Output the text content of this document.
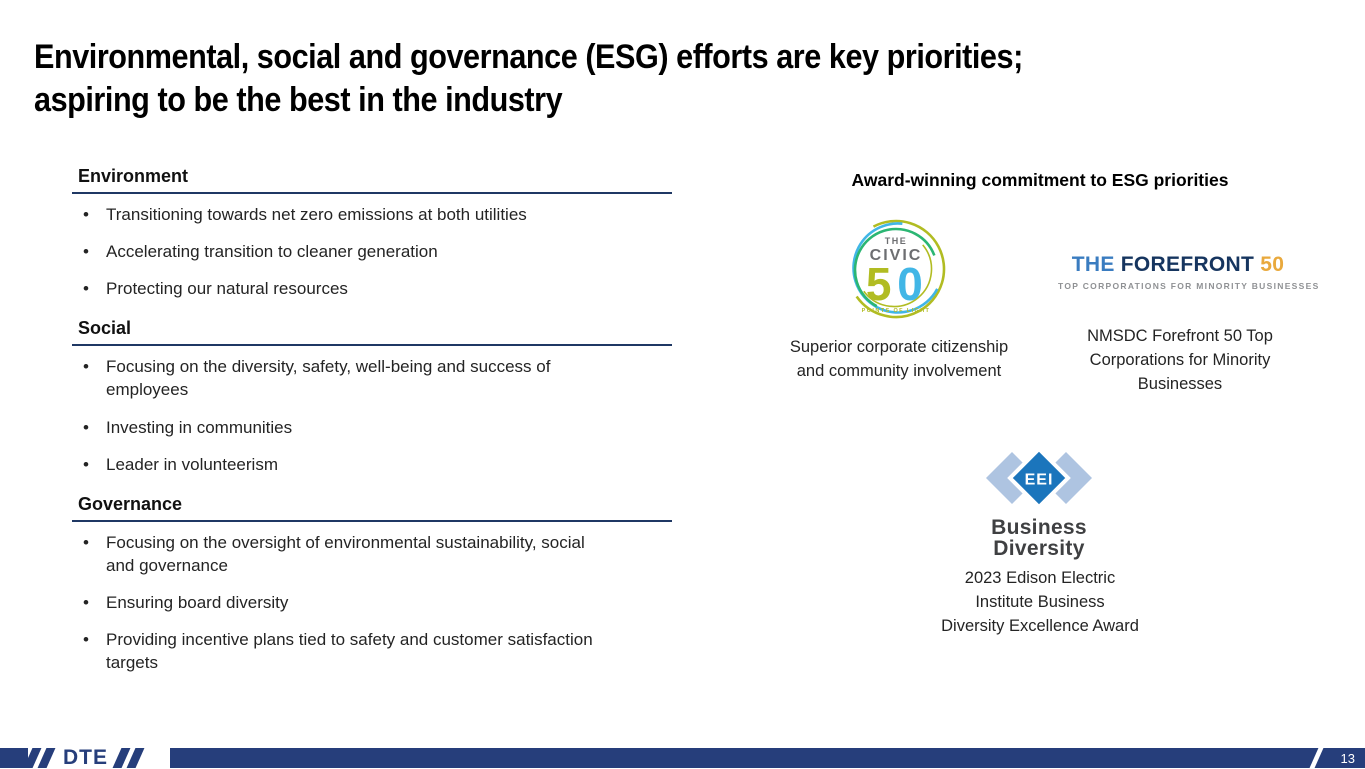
Environmental, social and governance (ESG) efforts are key priorities;
aspiring to be the best in the industry
Environment
• Transitioning towards net zero emissions at both utilities
• Accelerating transition to cleaner generation
• Protecting our natural resources
Social
• Focusing on the diversity, safety, well-being and success of employees
• Investing in communities
• Leader in volunteerism
Governance
• Focusing on the oversight of environmental sustainability, social and governance
• Ensuring board diversity
• Providing incentive plans tied to safety and customer satisfaction targets
Award-winning commitment to ESG priorities
THE
CIVIC
5 0
POINTS OF LIGHT
THE FOREFRONT 50
TOP CORPORATIONS FOR MINORITY BUSINESSES
Superior corporate citizenship
and community involvement
NMSDC Forefront 50 Top
Corporations for Minority
Businesses
EEI
Business
Diversity
2023 Edison Electric
Institute Business
Diversity Excellence Award
DTE	13
